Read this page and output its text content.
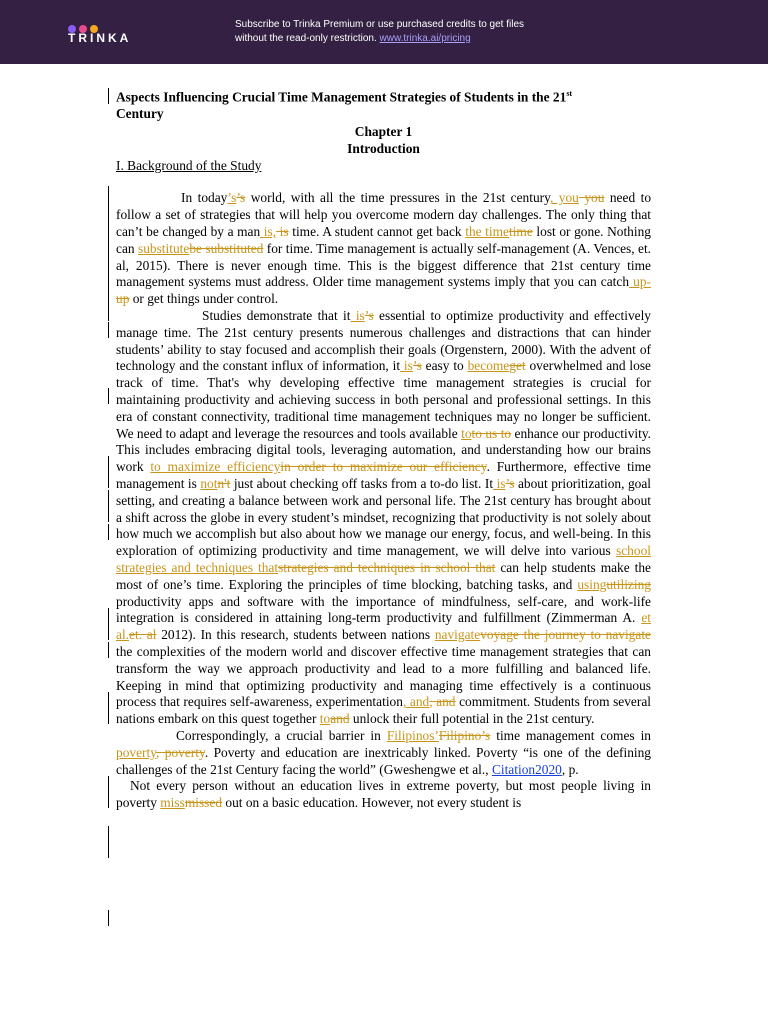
TRINKA
Subscribe to Trinka Premium or use purchased credits to get files
without the read-only restriction. www.trinka.ai/pricing
Aspects Influencing Crucial Time Management Strategies of Students in the 21st
Century
Chapter 1
Introduction
I. Background of the Study

In today’s’s world, with all the time pressures in the 21st century, you you need to follow a set of strategies that will help you overcome modern day challenges. The only thing that can’t be changed by a man is, is time. A student cannot get back the timetime lost or gone. Nothing can substitutebe substituted for time. Time management is actually self-management (A. Vences, et. al, 2015). There is never enough time. This is the biggest difference that 21st century time management systems must address. Older time management systems imply that you can catch up-up or get things under control.

Studies demonstrate that it is’s essential to optimize productivity and effectively manage time. The 21st century presents numerous challenges and distractions that can hinder students’ ability to stay focused and accomplish their goals (Orgenstern, 2000). With the advent of technology and the constant influx of information, it is’s easy to becomeget overwhelmed and lose track of time. That's why developing effective time management strategies is crucial for maintaining productivity and achieving success in both personal and professional settings. In this era of constant connectivity, traditional time management techniques may no longer be sufficient. We need to adapt and leverage the resources and tools available toto us to enhance our productivity. This includes embracing digital tools, leveraging automation, and understanding how our brains work to maximize efficiencyin order to maximize our efficiency. Furthermore, effective time management is notn't just about checking off tasks from a to-do list. It is’s about prioritization, goal setting, and creating a balance between work and personal life. The 21st century has brought about a shift across the globe in every student’s mindset, recognizing that productivity is not solely about how much we accomplish but also about how we manage our energy, focus, and well-being. In this exploration of optimizing productivity and time management, we will delve into various school strategies and techniques thatstrategies and techniques in school that can help students make the most of one’s time. Exploring the principles of time blocking, batching tasks, and usingutilizing productivity apps and software with the importance of mindfulness, self-care, and work-life integration is considered in attaining long-term productivity and fulfillment (Zimmerman A. et al.et. al 2012). In this research, students between nations navigatevoyage the journey to navigate the complexities of the modern world and discover effective time management strategies that can transform the way we approach productivity and lead to a more fulfilling and balanced life. Keeping in mind that optimizing productivity and managing time effectively is a continuous process that requires self-awareness, experimentation, and, and commitment. Students from several nations embark on this quest together toand unlock their full potential in the 21st century.

Correspondingly, a crucial barrier in Filipinos’Filipino’s time management comes in poverty, poverty. Poverty and education are inextricably linked. Poverty “is one of the defining challenges of the 21st Century facing the world” (Gweshengwe et al., Citation2020, p.

Not every person without an education lives in extreme poverty, but most people living in poverty missmissed out on a basic education. However, not every student is
